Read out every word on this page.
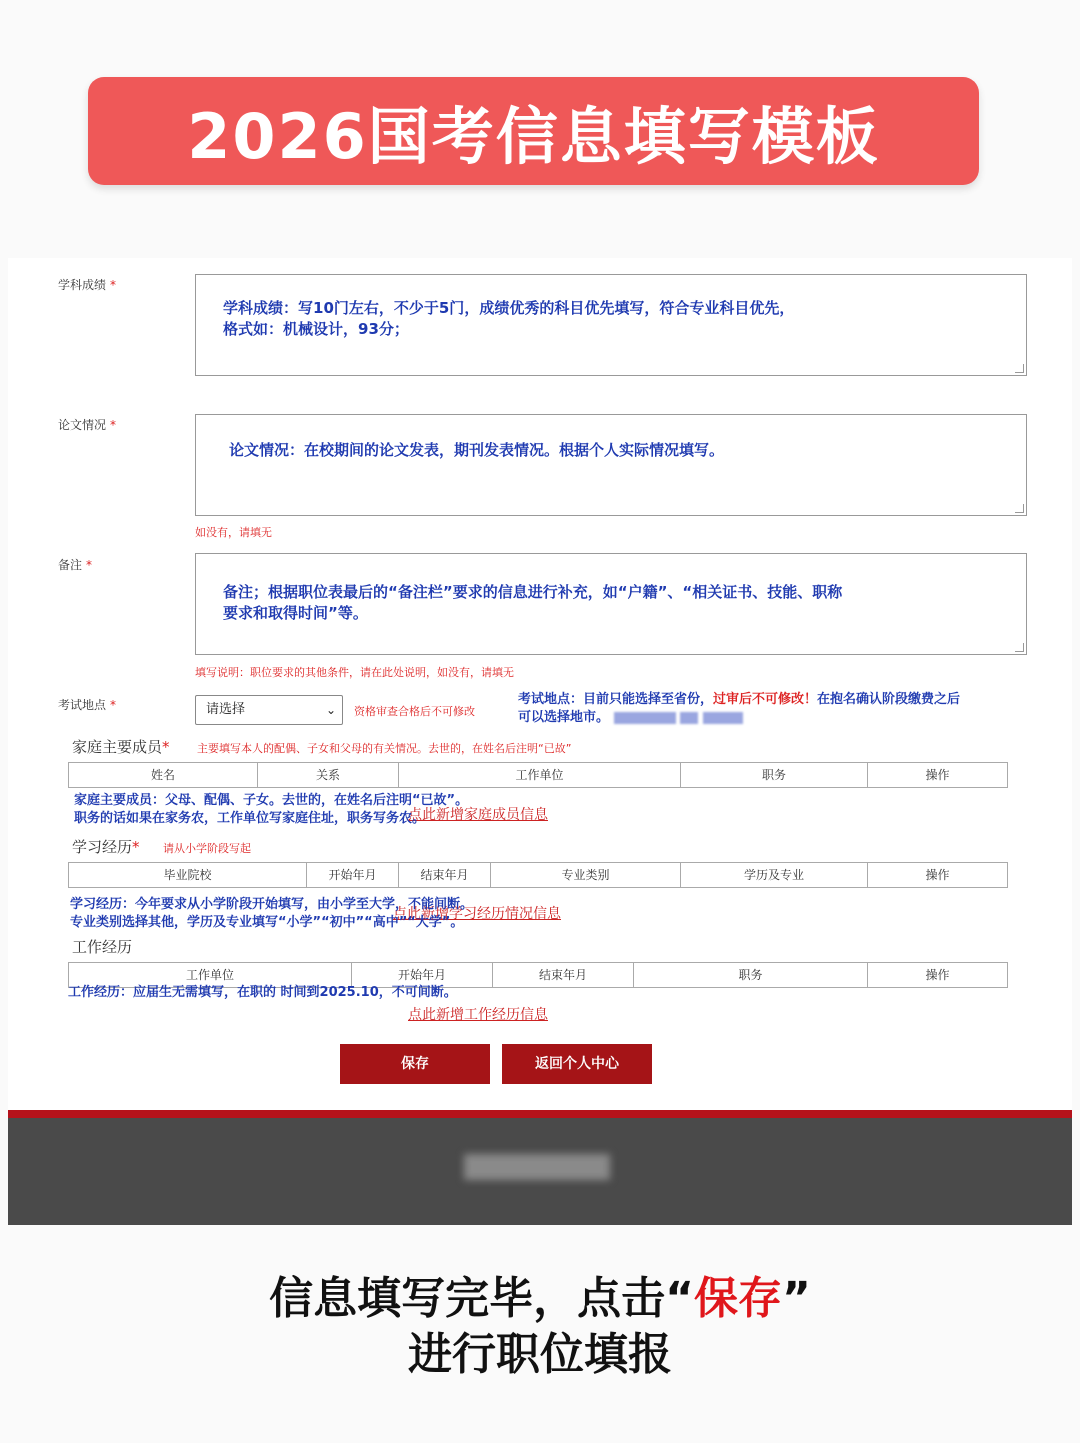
2026国考信息填写模板
学科成绩 *
学科成绩：写10门左右，不少于5门，成绩优秀的科目优先填写，符合专业科目优先，
格式如：机械设计，93分；
论文情况 *
论文情况：在校期间的论文发表，期刊发表情况。根据个人实际情况填写。
如没有，请填无
备注 *
备注；根据职位表最后的“备注栏”要求的信息进行补充，如“户籍”、“相关证书、技能、职称
要求和取得时间”等。
填写说明：职位要求的其他条件，请在此处说明，如没有，请填无
考试地点 *	请选择	⌄ 资格审查合格后不可修改
考试地点：目前只能选择至省份，过审后不可修改！在抱名确认阶段缴费之后
可以选择地市。
家庭主要成员* 主要填写本人的配偶、子女和父母的有关情况。去世的，在姓名后注明“已故”
姓名	关系	工作单位	职务	操作
点此新增家庭成员信息
家庭主要成员：父母、配偶、子女。去世的，在姓名后注明“已故”。
职务的话如果在家务农，工作单位写家庭住址，职务写务农。
学习经历* 请从小学阶段写起
毕业院校	开始年月	结束年月	专业类别	学历及专业	操作
点此新增学习经历情况信息
学习经历：今年要求从小学阶段开始填写，由小学至大学，不能间断。
专业类别选择其他，学历及专业填写“小学”“初中”“高中”“大学”。
工作经历
工作单位	开始年月	结束年月	职务	操作
工作经历：应届生无需填写，在职的 时间到2025.10，不可间断。
点此新增工作经历信息
保存	返回个人中心
信息填写完毕，点击“保存”
进行职位填报
